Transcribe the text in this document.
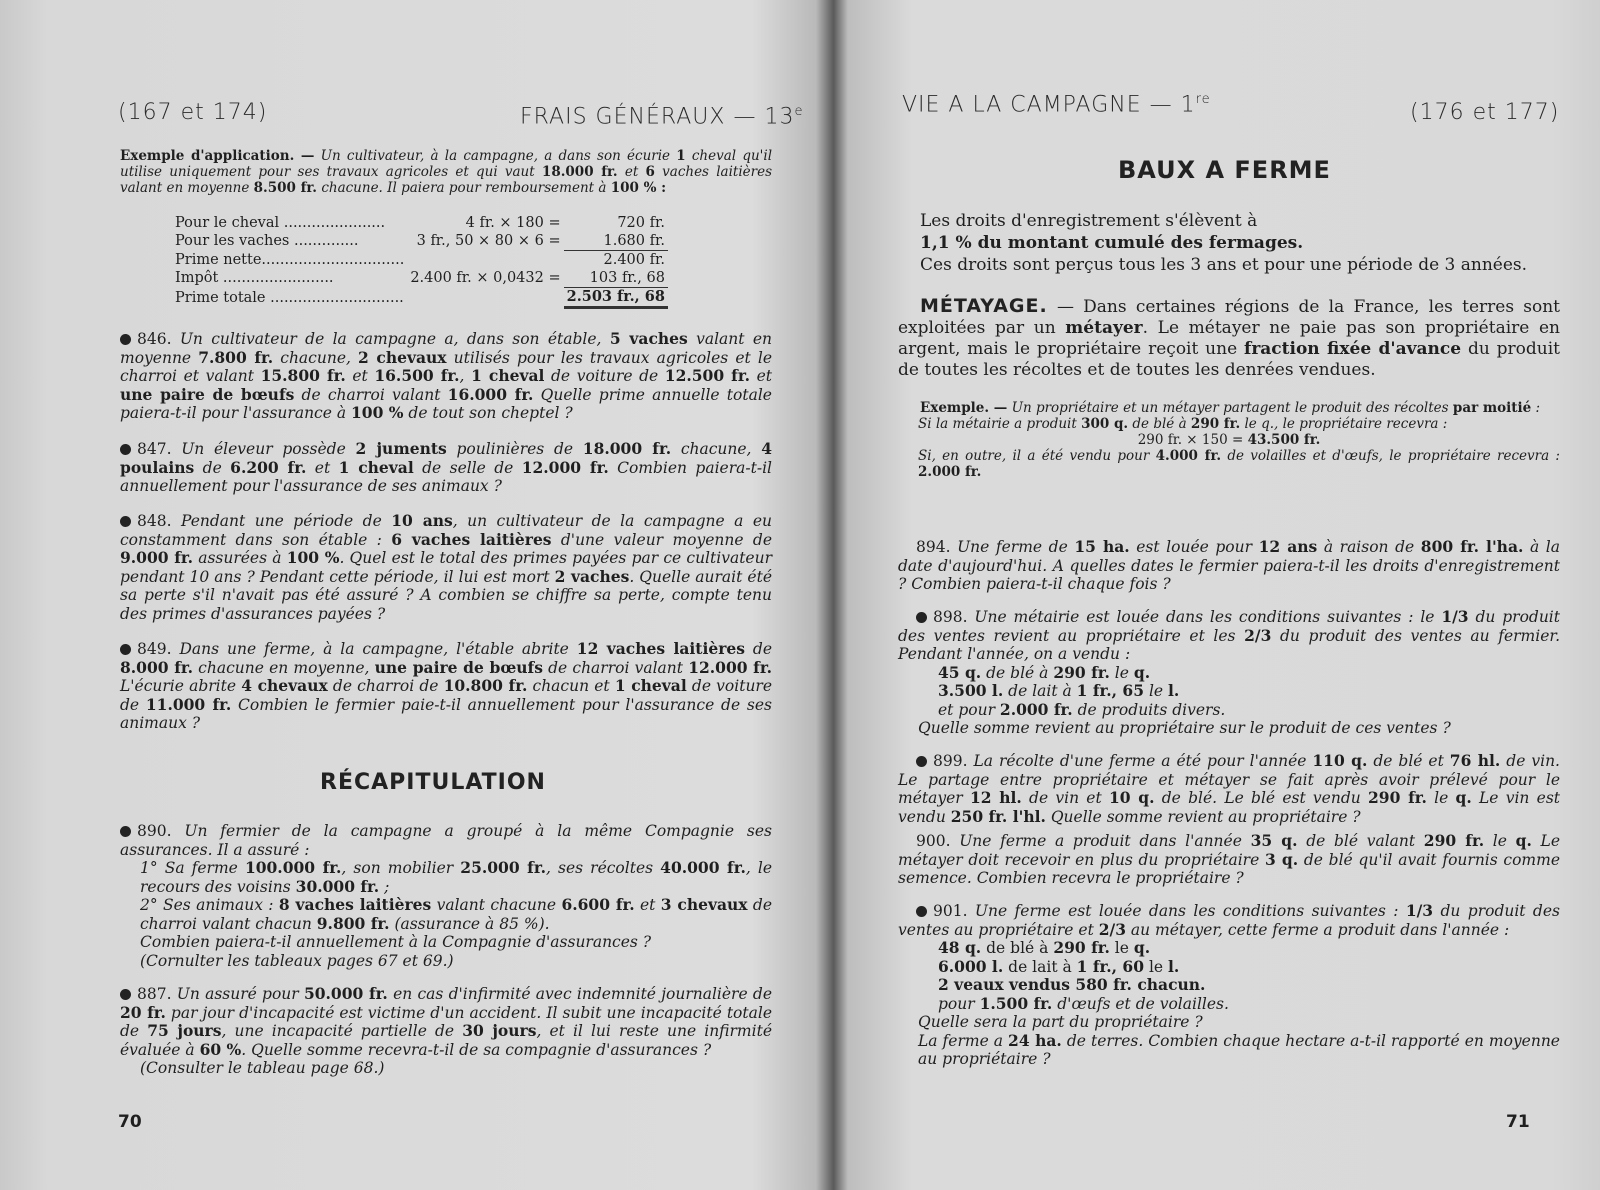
(167 et 174)	FRAIS GÉNÉRAUX — 13e
Exemple d'application. — Un cultivateur, à la campagne, a dans son écurie 1 cheval qu'il utilise uniquement pour ses travaux agricoles et qui vaut 18.000 fr. et 6 vaches laitières valant en moyenne 8.500 fr. chacune. Il paiera pour remboursement à 100 % :
Pour le cheval ......................	4 fr. × 180 =	720 fr.
Pour les vaches ..............	3 fr., 50 × 80 × 6 =	1.680 fr.
Prime nette...............................		2.400 fr.
Impôt ........................	2.400 fr. × 0,0432 =	103 fr., 68
Prime totale .............................		2.503 fr., 68
846. Un cultivateur de la campagne a, dans son étable, 5 vaches valant en moyenne 7.800 fr. chacune, 2 chevaux utilisés pour les travaux agricoles et le charroi et valant 15.800 fr. et 16.500 fr., 1 cheval de voiture de 12.500 fr. et une paire de bœufs de charroi valant 16.000 fr. Quelle prime annuelle totale paiera-t-il pour l'assurance à 100 % de tout son cheptel ?
847. Un éleveur possède 2 juments poulinières de 18.000 fr. chacune, 4 poulains de 6.200 fr. et 1 cheval de selle de 12.000 fr. Combien paiera-t-il annuellement pour l'assurance de ses animaux ?
848. Pendant une période de 10 ans, un cultivateur de la campagne a eu constamment dans son étable : 6 vaches laitières d'une valeur moyenne de 9.000 fr. assurées à 100 %. Quel est le total des primes payées par ce cultivateur pendant 10 ans ? Pendant cette période, il lui est mort 2 vaches. Quelle aurait été sa perte s'il n'avait pas été assuré ? A combien se chiffre sa perte, compte tenu des primes d'assurances payées ?
849. Dans une ferme, à la campagne, l'étable abrite 12 vaches laitières de 8.000 fr. chacune en moyenne, une paire de bœufs de charroi valant 12.000 fr. L'écurie abrite 4 chevaux de charroi de 10.800 fr. chacun et 1 cheval de voiture de 11.000 fr. Combien le fermier paie-t-il annuellement pour l'assurance de ses animaux ?
RÉCAPITULATION
890. Un fermier de la campagne a groupé à la même Compagnie ses assurances. Il a assuré :
1° Sa ferme 100.000 fr., son mobilier 25.000 fr., ses récoltes 40.000 fr., le recours des voisins 30.000 fr. ;
2° Ses animaux : 8 vaches laitières valant chacune 6.600 fr. et 3 chevaux de charroi valant chacun 9.800 fr. (assurance à 85 %).
Combien paiera-t-il annuellement à la Compagnie d'assurances ?
(Cornulter les tableaux pages 67 et 69.)
887. Un assuré pour 50.000 fr. en cas d'infirmité avec indemnité journalière de 20 fr. par jour d'incapacité est victime d'un accident. Il subit une incapacité totale de 75 jours, une incapacité partielle de 30 jours, et il lui reste une infirmité évaluée à 60 %. Quelle somme recevra-t-il de sa compagnie d'assurances ?
(Consulter le tableau page 68.)
70
VIE A LA CAMPAGNE — 1re
(176 et 177)
BAUX A FERME
Les droits d'enregistrement s'élèvent à
1,1 % du montant cumulé des fermages.
Ces droits sont perçus tous les 3 ans et pour une période de 3 années.
MÉTAYAGE. — Dans certaines régions de la France, les terres sont exploitées par un métayer. Le métayer ne paie pas son propriétaire en argent, mais le propriétaire reçoit une fraction fixée d'avance du produit de toutes les récoltes et de toutes les denrées vendues.
Exemple. — Un propriétaire et un métayer partagent le produit des récoltes par moitié :
Si la métairie a produit 300 q. de blé à 290 fr. le q., le propriétaire recevra :
290 fr. × 150 = 43.500 fr.
Si, en outre, il a été vendu pour 4.000 fr. de volailles et d'œufs, le propriétaire recevra : 2.000 fr.
894. Une ferme de 15 ha. est louée pour 12 ans à raison de 800 fr. l'ha. à la date d'aujourd'hui. A quelles dates le fermier paiera-t-il les droits d'enregistrement ? Combien paiera-t-il chaque fois ?
898. Une métairie est louée dans les conditions suivantes : le 1/3 du produit des ventes revient au propriétaire et les 2/3 du produit des ventes au fermier. Pendant l'année, on a vendu :
45 q. de blé à 290 fr. le q.
3.500 l. de lait à 1 fr., 65 le l.
et pour 2.000 fr. de produits divers.
Quelle somme revient au propriétaire sur le produit de ces ventes ?
899. La récolte d'une ferme a été pour l'année 110 q. de blé et 76 hl. de vin. Le partage entre propriétaire et métayer se fait après avoir prélevé pour le métayer 12 hl. de vin et 10 q. de blé. Le blé est vendu 290 fr. le q. Le vin est vendu 250 fr. l'hl. Quelle somme revient au propriétaire ?
900. Une ferme a produit dans l'année 35 q. de blé valant 290 fr. le q. Le métayer doit recevoir en plus du propriétaire 3 q. de blé qu'il avait fournis comme semence. Combien recevra le propriétaire ?
901. Une ferme est louée dans les conditions suivantes : 1/3 du produit des ventes au propriétaire et 2/3 au métayer, cette ferme a produit dans l'année :
48 q. de blé à 290 fr. le q.
6.000 l. de lait à 1 fr., 60 le l.
2 veaux vendus 580 fr. chacun.
pour 1.500 fr. d'œufs et de volailles.
Quelle sera la part du propriétaire ?
La ferme a 24 ha. de terres. Combien chaque hectare a-t-il rapporté en moyenne au propriétaire ?
71
